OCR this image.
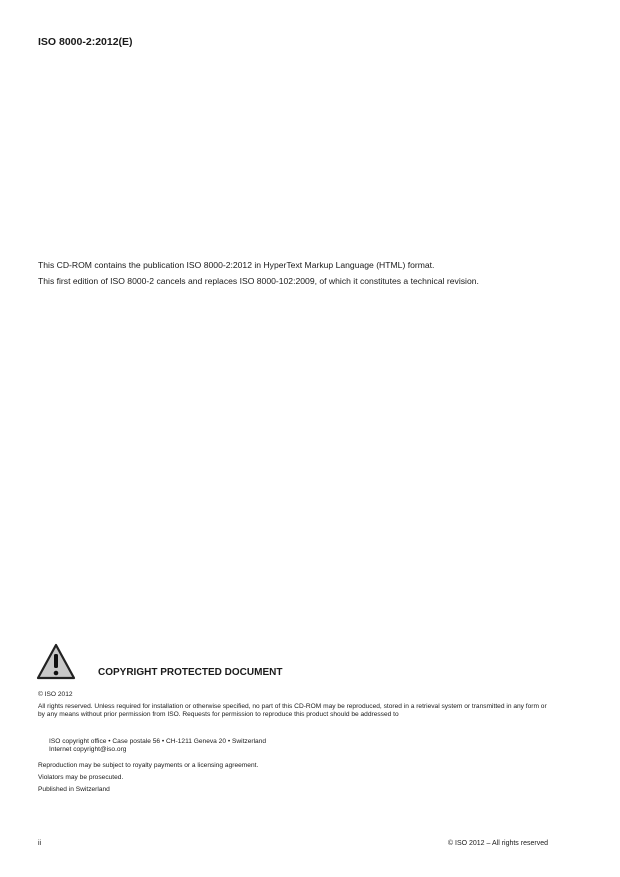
ISO 8000-2:2012(E)
This CD-ROM contains the publication ISO 8000-2:2012 in HyperText Markup Language (HTML) format.
This first edition of ISO 8000-2 cancels and replaces ISO 8000-102:2009, of which it constitutes a technical revision.
COPYRIGHT PROTECTED DOCUMENT
© ISO 2012
All rights reserved. Unless required for installation or otherwise specified, no part of this CD-ROM may be reproduced, stored in a retrieval system or transmitted in any form or by any means without prior permission from ISO. Requests for permission to reproduce this product should be addressed to
ISO copyright office • Case postale 56 • CH-1211 Geneva 20 • Switzerland
Internet copyright@iso.org
Reproduction may be subject to royalty payments or a licensing agreement.
Violators may be prosecuted.
Published in Switzerland
ii	© ISO 2012 – All rights reserved
